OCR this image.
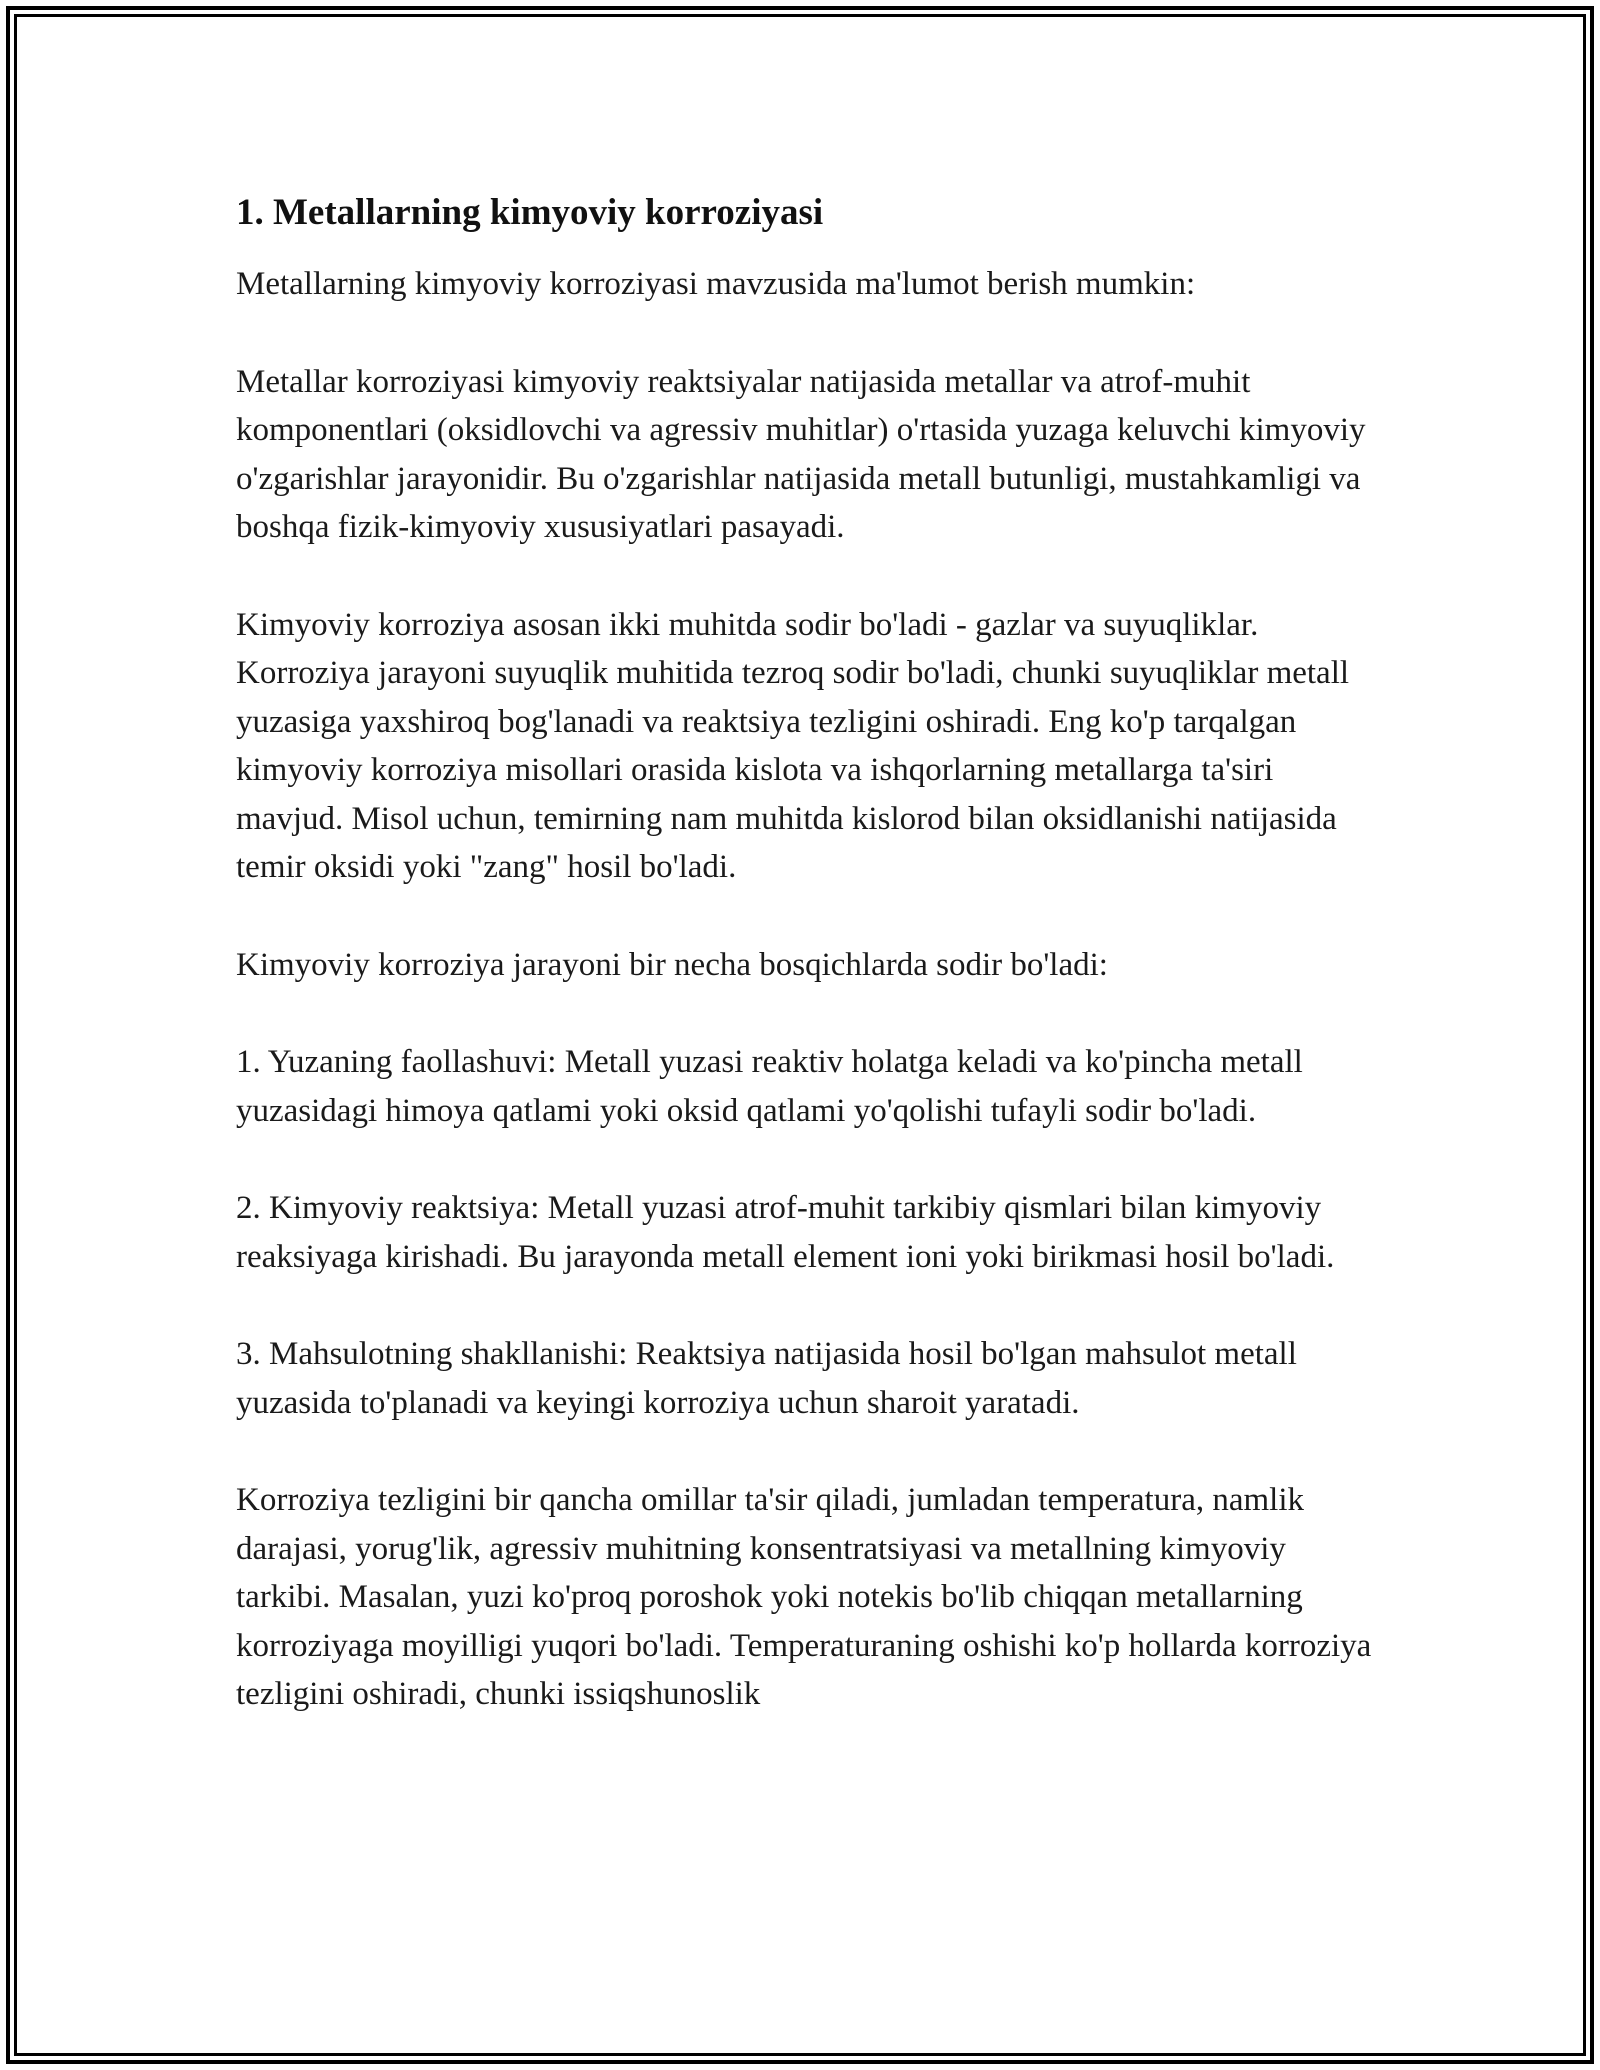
1. Metallarning kimyoviy korroziyasi

Metallarning kimyoviy korroziyasi mavzusida ma'lumot berish mumkin:

Metallar korroziyasi kimyoviy reaktsiyalar natijasida metallar va atrof-muhit komponentlari (oksidlovchi va agressiv muhitlar) o'rtasida yuzaga keluvchi kimyoviy o'zgarishlar jarayonidir. Bu o'zgarishlar natijasida metall butunligi, mustahkamligi va boshqa fizik-kimyoviy xususiyatlari pasayadi.

Kimyoviy korroziya asosan ikki muhitda sodir bo'ladi - gazlar va suyuqliklar. Korroziya jarayoni suyuqlik muhitida tezroq sodir bo'ladi, chunki suyuqliklar metall yuzasiga yaxshiroq bog'lanadi va reaktsiya tezligini oshiradi. Eng ko'p tarqalgan kimyoviy korroziya misollari orasida kislota va ishqorlarning metallarga ta'siri mavjud. Misol uchun, temirning nam muhitda kislorod bilan oksidlanishi natijasida temir oksidi yoki "zang" hosil bo'ladi.

Kimyoviy korroziya jarayoni bir necha bosqichlarda sodir bo'ladi:

1. Yuzaning faollashuvi: Metall yuzasi reaktiv holatga keladi va ko'pincha metall yuzasidagi himoya qatlami yoki oksid qatlami yo'qolishi tufayli sodir bo'ladi.

2. Kimyoviy reaktsiya: Metall yuzasi atrof-muhit tarkibiy qismlari bilan kimyoviy reaksiyaga kirishadi. Bu jarayonda metall element ioni yoki birikmasi hosil bo'ladi.

3. Mahsulotning shakllanishi: Reaktsiya natijasida hosil bo'lgan mahsulot metall yuzasida to'planadi va keyingi korroziya uchun sharoit yaratadi.

Korroziya tezligini bir qancha omillar ta'sir qiladi, jumladan temperatura, namlik darajasi, yorug'lik, agressiv muhitning konsentratsiyasi va metallning kimyoviy tarkibi. Masalan, yuzi ko'proq poroshok yoki notekis bo'lib chiqqan metallarning korroziyaga moyilligi yuqori bo'ladi. Temperaturaning oshishi ko'p hollarda korroziya tezligini oshiradi, chunki issiqshunoslik
